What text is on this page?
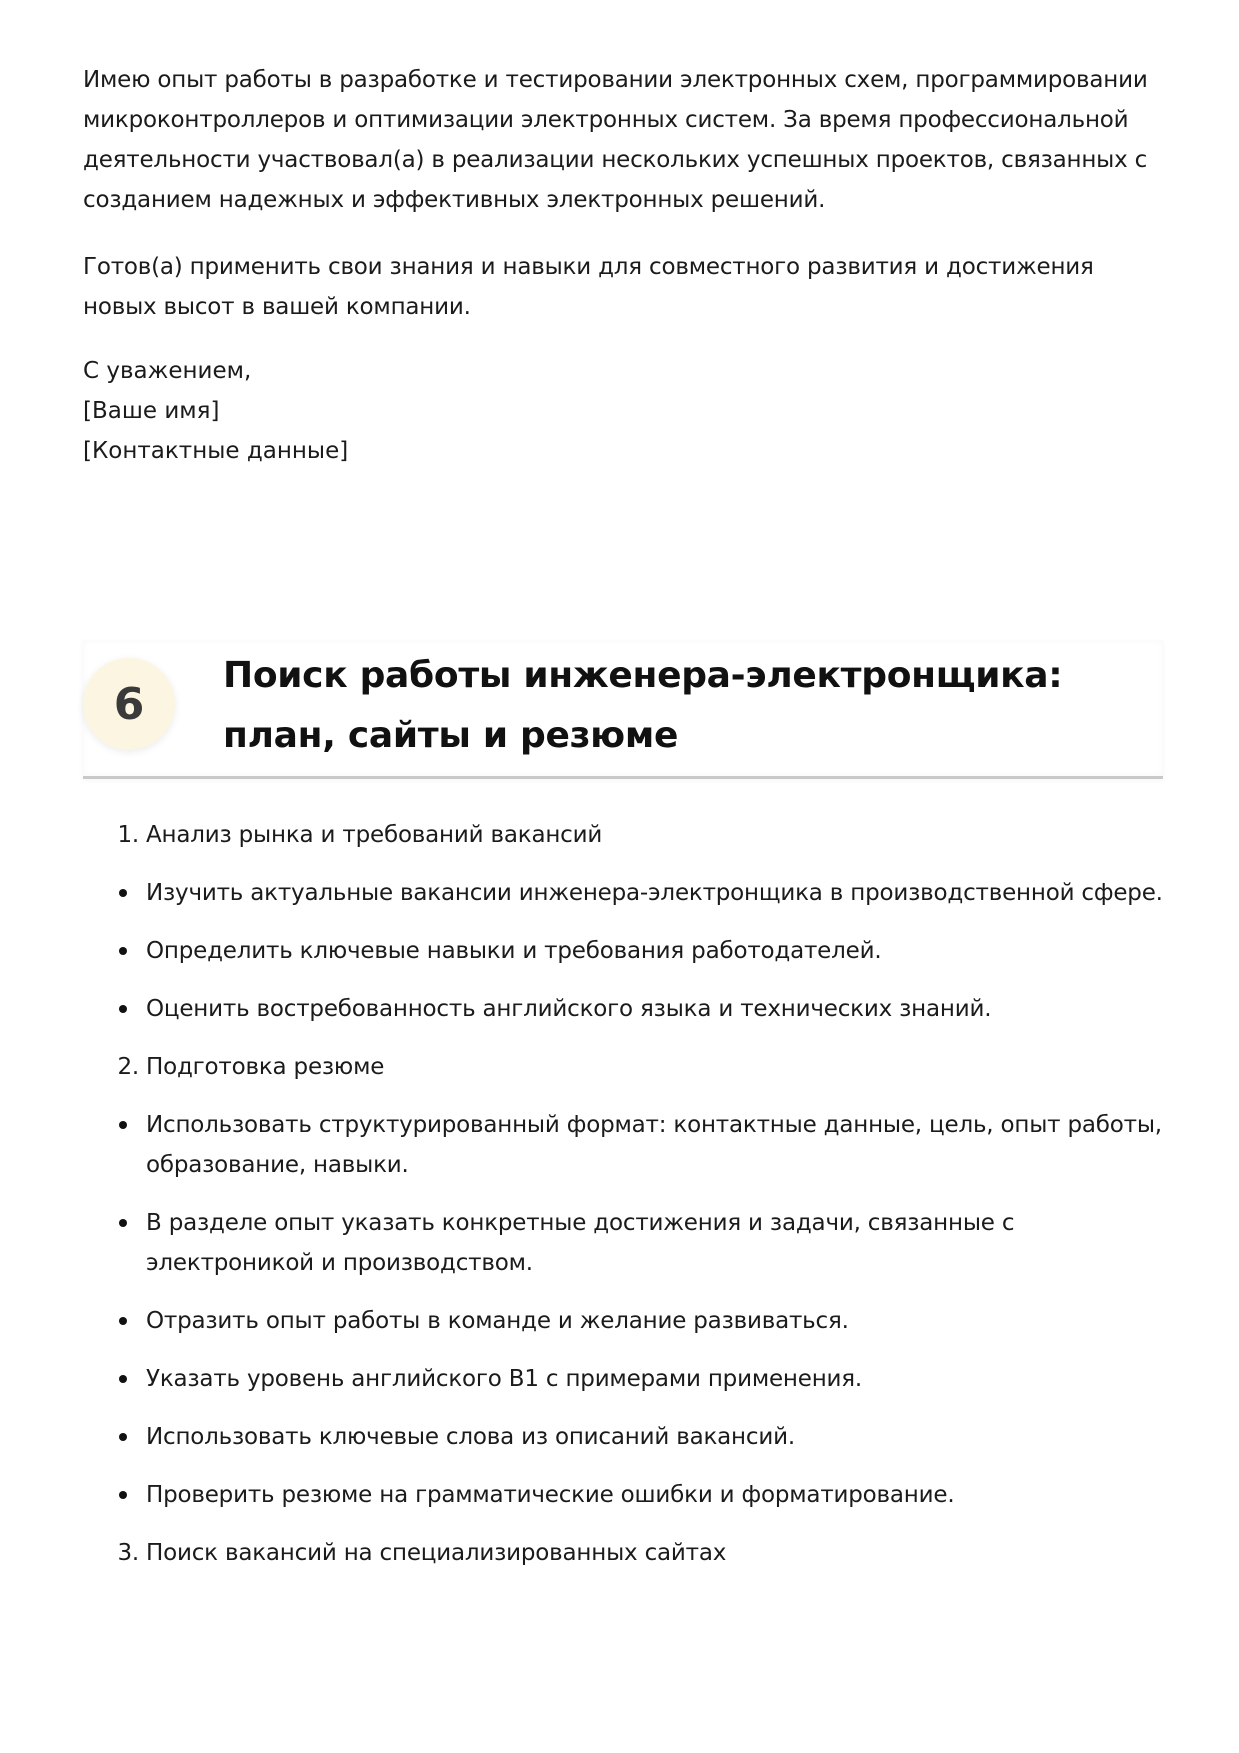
Имею опыт работы в разработке и тестировании электронных схем, программировании микроконтроллеров и оптимизации электронных систем. За время профессиональной деятельности участвовал(а) в реализации нескольких успешных проектов, связанных с созданием надежных и эффективных электронных решений.

Готов(а) применить свои знания и навыки для совместного развития и достижения новых высот в вашей компании.

С уважением,
[Ваше имя]
[Контактные данные]
6
Поиск работы инженера-электронщика: план, сайты и резюме
1. Анализ рынка и требований вакансий
Изучить актуальные вакансии инженера-электронщика в производственной сфере.
Определить ключевые навыки и требования работодателей.
Оценить востребованность английского языка и технических знаний.
2. Подготовка резюме
Использовать структурированный формат: контактные данные, цель, опыт работы, образование, навыки.
В разделе опыт указать конкретные достижения и задачи, связанные с электроникой и производством.
Отразить опыт работы в команде и желание развиваться.
Указать уровень английского B1 с примерами применения.
Использовать ключевые слова из описаний вакансий.
Проверить резюме на грамматические ошибки и форматирование.
3. Поиск вакансий на специализированных сайтах
